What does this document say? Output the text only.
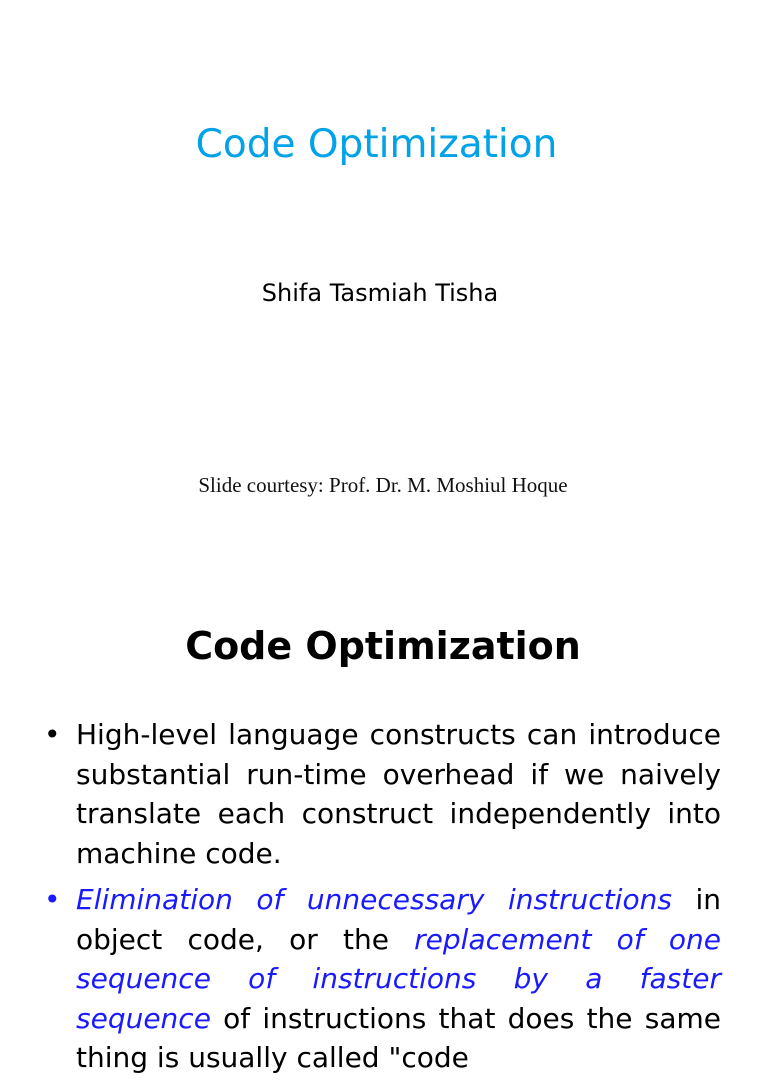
Code Optimization
Shifa Tasmiah Tisha
Slide courtesy: Prof. Dr. M. Moshiul Hoque
Code Optimization
• High-level language constructs can introduce substantial run-time overhead if we naively translate each construct independently into machine code.
• Elimination of unnecessary instructions in object code, or the replacement of one sequence of instructions by a faster sequence of instructions that does the same thing is usually called "code
